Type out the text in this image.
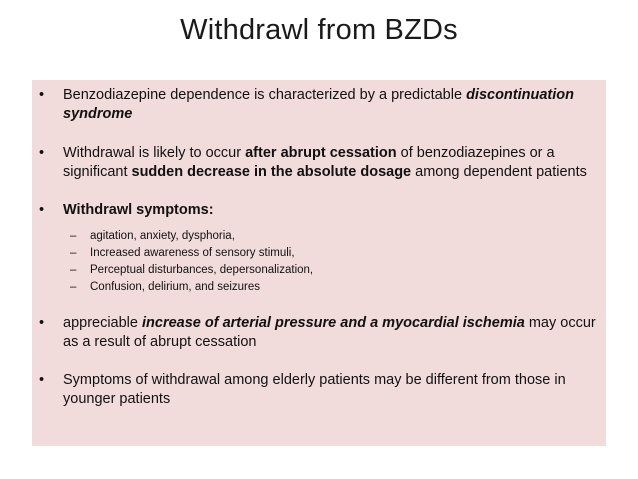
Withdrawl from BZDs
• Benzodiazepine dependence is characterized by a predictable discontinuation syndrome
• Withdrawal is likely to occur after abrupt cessation of benzodiazepines or a significant sudden decrease in the absolute dosage among dependent patients
• Withdrawl symptoms:
– agitation, anxiety, dysphoria,
– Increased awareness of sensory stimuli,
– Perceptual disturbances, depersonalization,
– Confusion, delirium, and seizures
• appreciable increase of arterial pressure and a myocardial ischemia may occur as a result of abrupt cessation
• Symptoms of withdrawal among elderly patients may be different from those in younger patients
